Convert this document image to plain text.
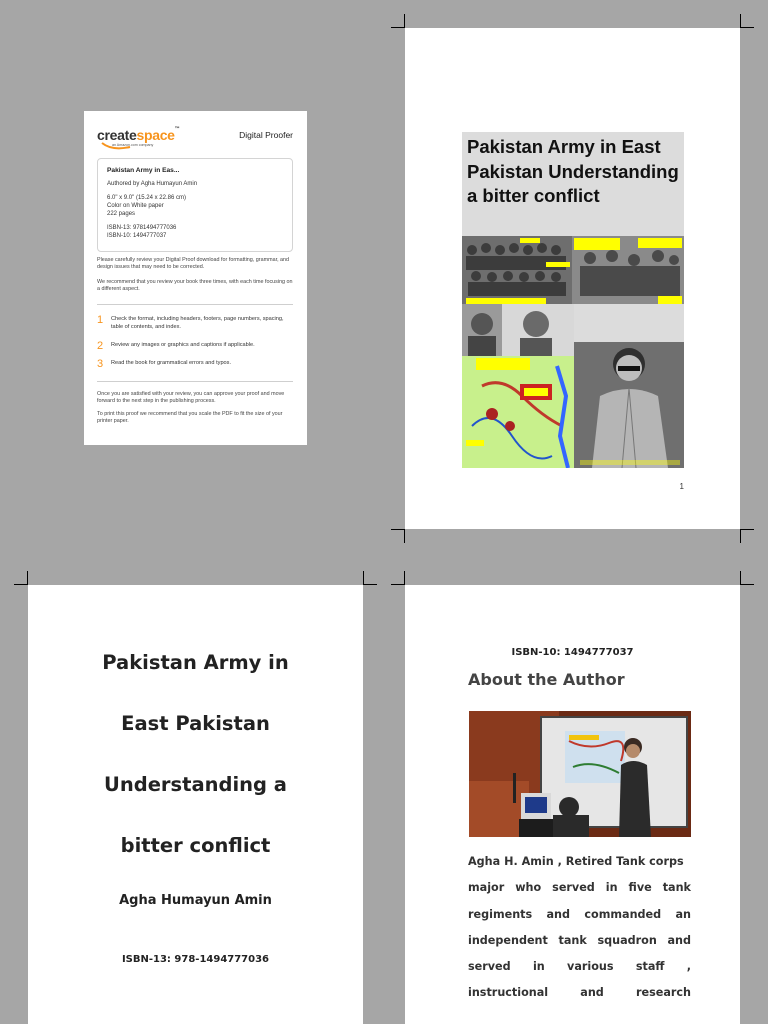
createspace™
an Amazon.com company
Digital Proofer
Pakistan Army in Eas...
Authored by Agha Humayun Amin
6.0" x 9.0" (15.24 x 22.86 cm)
Color on White paper
222 pages
ISBN-13: 9781494777036
ISBN-10: 1494777037
Please carefully review your Digital Proof download for formatting, grammar, and design issues that may need to be corrected.
We recommend that you review your book three times, with each time focusing on a different aspect.
1 Check the format, including headers, footers, page numbers, spacing, table of contents, and index.
2 Review any images or graphics and captions if applicable.
3 Read the book for grammatical errors and typos.
Once you are satisfied with your review, you can approve your proof and move forward to the next step in the publishing process.
To print this proof we recommend that you scale the PDF to fit the size of your printer paper.
Pakistan Army in East Pakistan Understanding a bitter conflict
1
Pakistan Army in
East Pakistan
Understanding a
bitter conflict
Agha Humayun Amin
ISBN-13: 978-1494777036
ISBN-10: 1494777037
About the Author
Agha H. Amin , Retired Tank corps
major who served in five tank
regiments and commanded an
independent tank squadron and
served in various staff ,
instructional and research
